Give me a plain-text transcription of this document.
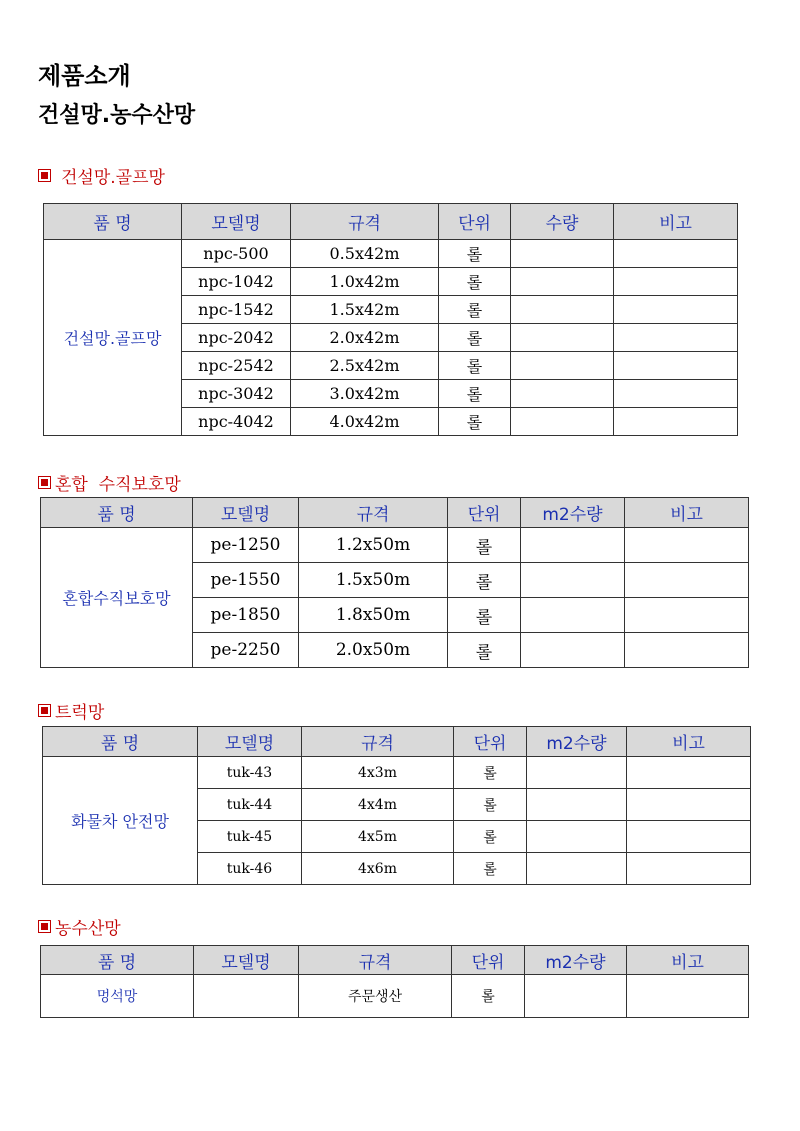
제품소개
건설망.농수산망
건설망.골프망
품 명	모델명	규격	단위	수량	비고
건설망.골프망	npc-500	0.5x42m	롤		
	npc-1042	1.0x42m	롤		
	npc-1542	1.5x42m	롤		
	npc-2042	2.0x42m	롤		
	npc-2542	2.5x42m	롤		
	npc-3042	3.0x42m	롤		
	npc-4042	4.0x42m	롤		
혼합  수직보호망
품 명	모델명	규격	단위	m2수량	비고
혼합수직보호망	pe-1250	1.2x50m	롤		
	pe-1550	1.5x50m	롤		
	pe-1850	1.8x50m	롤		
	pe-2250	2.0x50m	롤		
트럭망
품 명	모델명	규격	단위	m2수량	비고
화물차 안전망	tuk-43	4x3m	롤		
	tuk-44	4x4m	롤		
	tuk-45	4x5m	롤		
	tuk-46	4x6m	롤		
농수산망
품 명	모델명	규격	단위	m2수량	비고
멍석망		주문생산	롤		
